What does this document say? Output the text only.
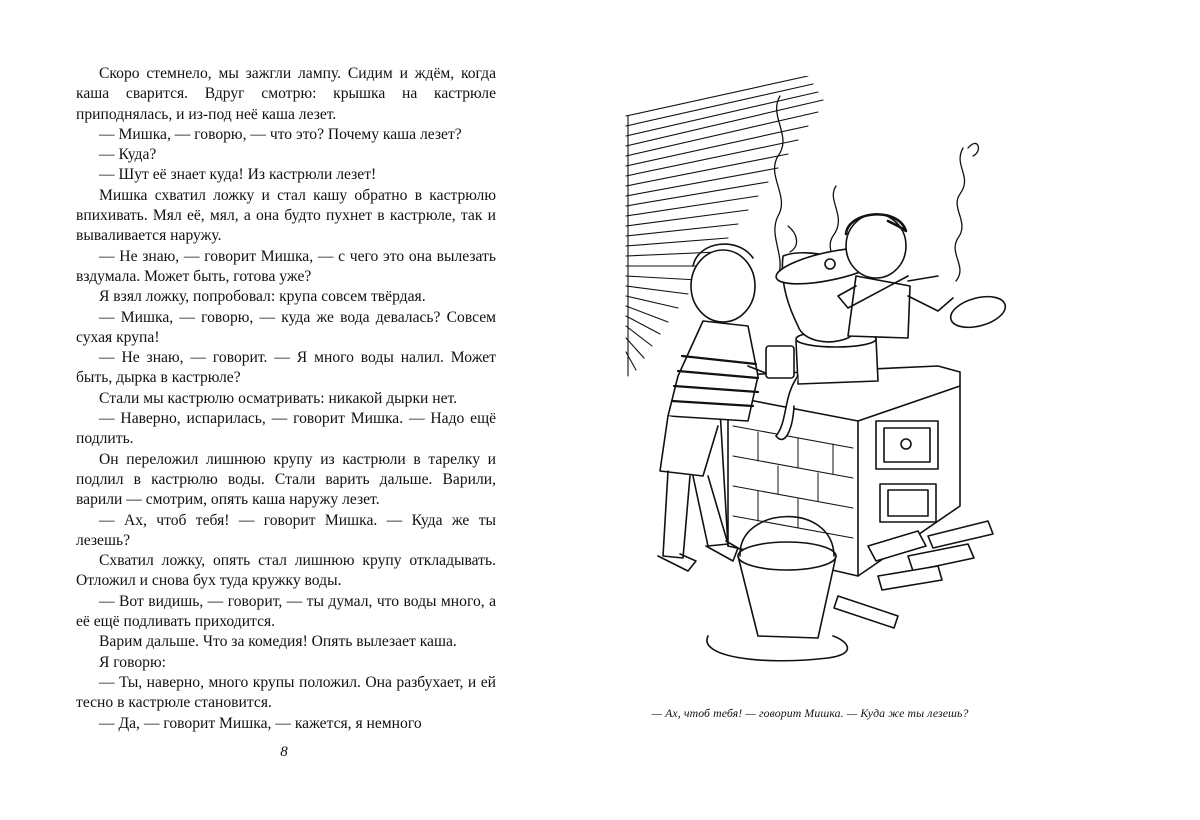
Скоро стемнело, мы зажгли лампу. Сидим и ждём, когда каша сварится. Вдруг смотрю: крышка на кастрюле приподнялась, и из-под неё каша лезет.

— Мишка, — говорю, — что это? Почему каша лезет?

— Куда?

— Шут её знает куда! Из кастрюли лезет!

Мишка схватил ложку и стал кашу обратно в кастрюлю впихивать. Мял её, мял, а она будто пухнет в кастрюле, так и вываливается наружу.

— Не знаю, — говорит Мишка, — с чего это она вылезать вздумала. Может быть, готова уже?

Я взял ложку, попробовал: крупа совсем твёрдая.

— Мишка, — говорю, — куда же вода девалась? Совсем сухая крупа!

— Не знаю, — говорит. — Я много воды налил. Может быть, дырка в кастрюле?

Стали мы кастрюлю осматривать: никакой дырки нет.

— Наверно, испарилась, — говорит Мишка. — Надо ещё подлить.

Он переложил лишнюю крупу из кастрюли в тарелку и подлил в кастрюлю воды. Стали варить дальше. Варили, варили — смотрим, опять каша наружу лезет.

— Ах, чтоб тебя! — говорит Мишка. — Куда же ты лезешь?

Схватил ложку, опять стал лишнюю крупу откладывать. Отложил и снова бух туда кружку воды.

— Вот видишь, — говорит, — ты думал, что воды много, а её ещё подливать приходится.

Варим дальше. Что за комедия! Опять вылезает каша.

Я говорю:

— Ты, наверно, много крупы положил. Она разбухает, и ей тесно в кастрюле становится.

— Да, — говорит Мишка, — кажется, я немного

8
— Ах, чтоб тебя! — говорит Мишка. — Куда же ты лезешь?
